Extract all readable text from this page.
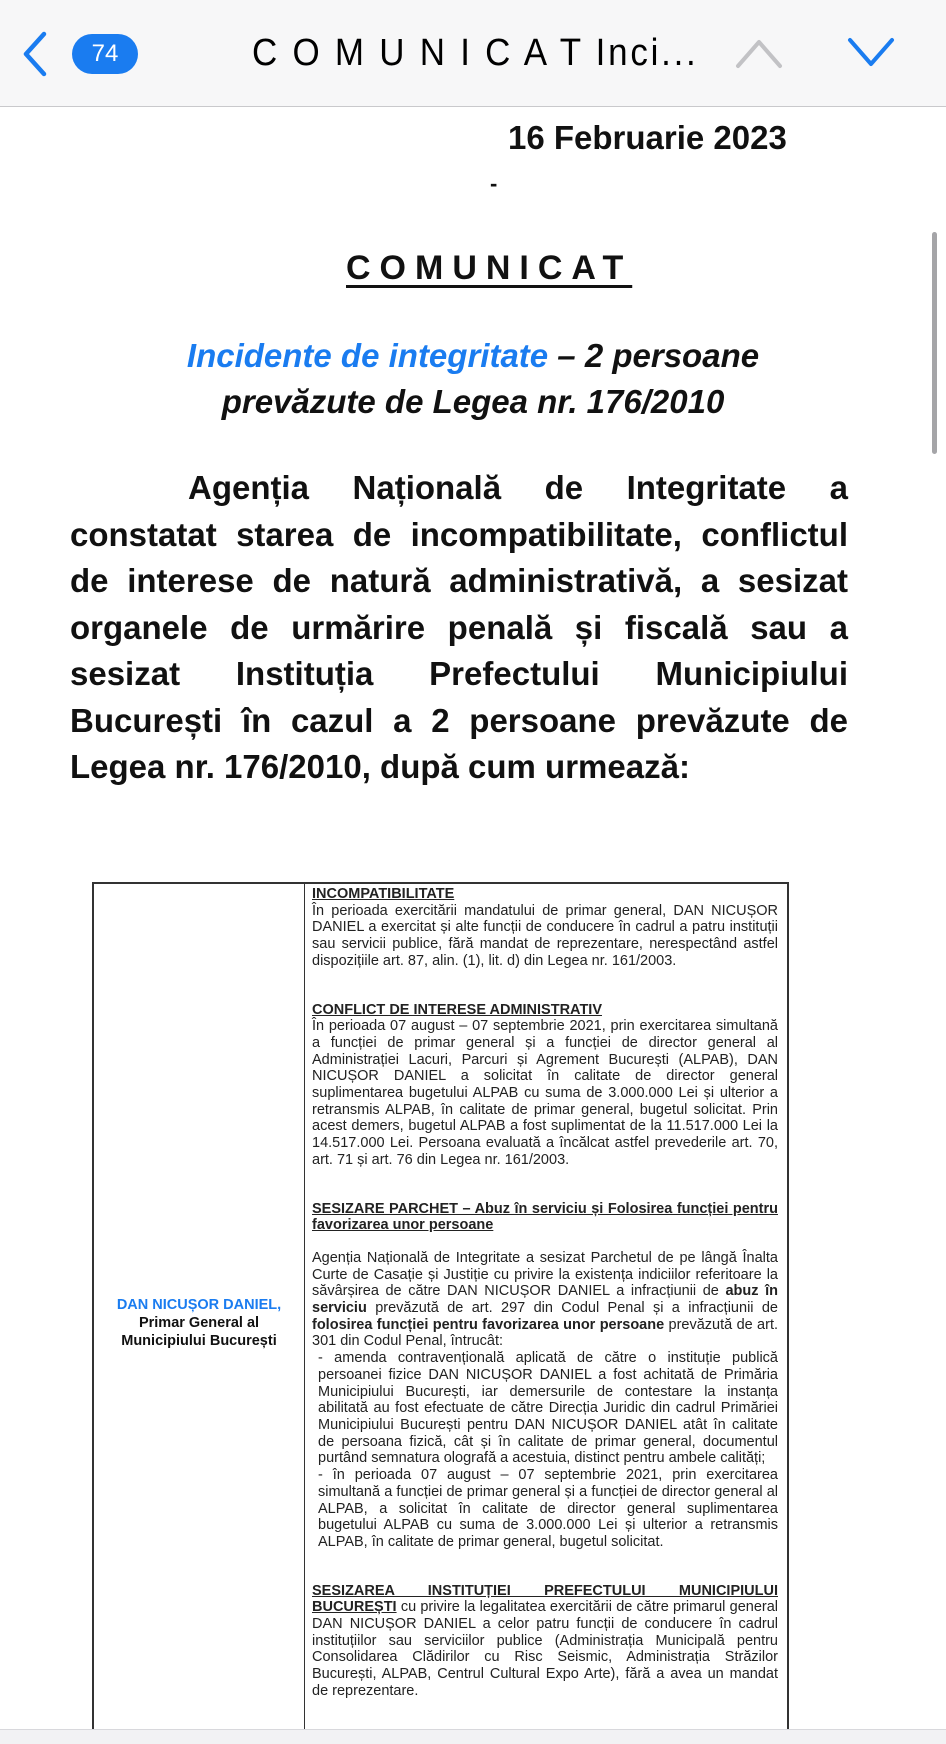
74	C O M U N I C A T Inci...
16 Februarie 2023
-
COMUNICAT
Incidente de integritate – 2 persoane
prevăzute de Legea nr. 176/2010
Agenția Națională de Integritate a constatat starea de incompatibilitate, conflictul de interese de natură administrativă, a sesizat organele de urmărire penală și fiscală sau a sesizat Instituția Prefectului Municipiului București în cazul a 2 persoane prevăzute de Legea nr. 176/2010, după cum urmează:
DAN NICUȘOR DANIEL,
Primar General al
Municipiului București
INCOMPATIBILITATE
În perioada exercitării mandatului de primar general, DAN NICUȘOR DANIEL a exercitat și alte funcții de conducere în cadrul a patru instituții sau servicii publice, fără mandat de reprezentare, nerespectând astfel dispozițiile art. 87, alin. (1), lit. d) din Legea nr. 161/2003.

CONFLICT DE INTERESE ADMINISTRATIV
În perioada 07 august – 07 septembrie 2021, prin exercitarea simultană a funcției de primar general și a funcției de director general al Administrației Lacuri, Parcuri și Agrement București (ALPAB), DAN NICUȘOR DANIEL a solicitat în calitate de director general suplimentarea bugetului ALPAB cu suma de 3.000.000 Lei și ulterior a retransmis ALPAB, în calitate de primar general, bugetul solicitat. Prin acest demers, bugetul ALPAB a fost suplimentat de la 11.517.000 Lei la 14.517.000 Lei. Persoana evaluată a încălcat astfel prevederile art. 70, art. 71 și art. 76 din Legea nr. 161/2003.

SESIZARE PARCHET – Abuz în serviciu și Folosirea funcției pentru favorizarea unor persoane

Agenția Națională de Integritate a sesizat Parchetul de pe lângă Înalta Curte de Casație și Justiție cu privire la existența indiciilor referitoare la săvârșirea de către DAN NICUȘOR DANIEL a infracțiunii de abuz în serviciu prevăzută de art. 297 din Codul Penal și a infracțiunii de folosirea funcției pentru favorizarea unor persoane prevăzută de art. 301 din Codul Penal, întrucât:
- amenda contravențională aplicată de către o instituție publică persoanei fizice DAN NICUȘOR DANIEL a fost achitată de Primăria Municipiului București, iar demersurile de contestare la instanța abilitată au fost efectuate de către Direcția Juridic din cadrul Primăriei Municipiului București pentru DAN NICUȘOR DANIEL atât în calitate de persoana fizică, cât și în calitate de primar general, documentul purtând semnatura olografă a acestuia, distinct pentru ambele calități;
- în perioada 07 august – 07 septembrie 2021, prin exercitarea simultană a funcției de primar general și a funcției de director general al ALPAB, a solicitat în calitate de director general suplimentarea bugetului ALPAB cu suma de 3.000.000 Lei și ulterior a retransmis ALPAB, în calitate de primar general, bugetul solicitat.

SESIZAREA INSTITUȚIEI PREFECTULUI MUNICIPIULUI BUCUREȘTI cu privire la legalitatea exercitării de către primarul general DAN NICUȘOR DANIEL a celor patru funcții de conducere în cadrul instituțiilor sau serviciilor publice (Administrația Municipală pentru Consolidarea Clădirilor cu Risc Seismic, Administrația Străzilor București, ALPAB, Centrul Cultural Expo Arte), fără a avea un mandat de reprezentare.
